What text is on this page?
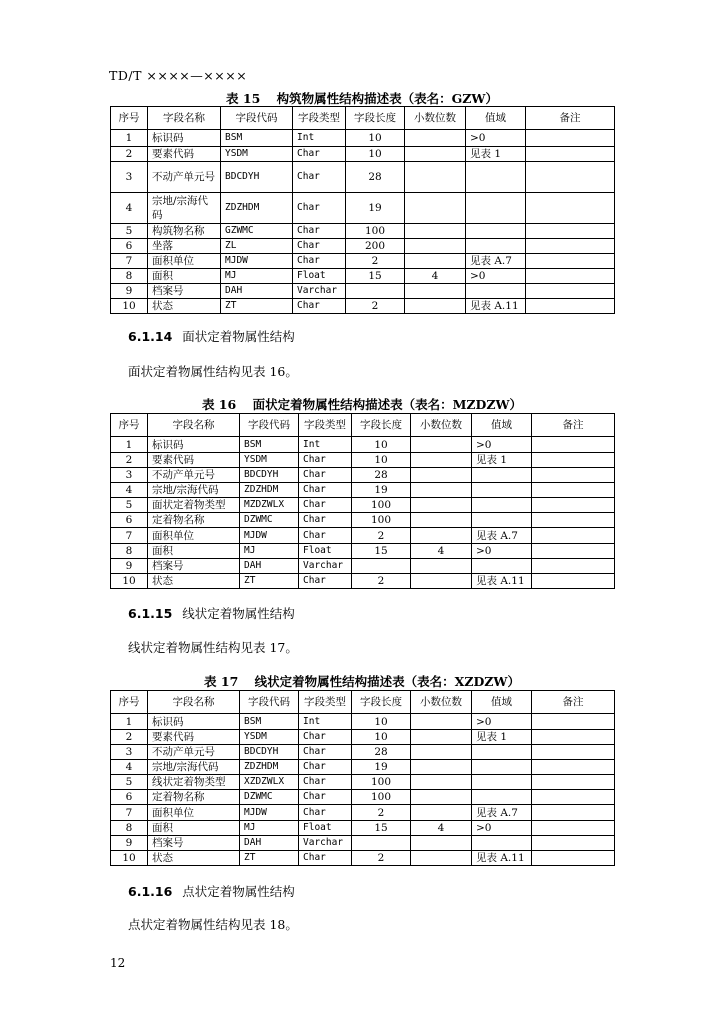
TD/T ××××—××××
表 15 构筑物属性结构描述表（表名：GZW）
序号	字段名称	字段代码	字段类型	字段长度	小数位数	值域	备注
1	标识码	BSM	Int	10		>0	
2	要素代码	YSDM	Char	10		见表 1	
3	不动产单元号	BDCDYH	Char	28			
4	宗地/宗海代码	ZDZHDM	Char	19			
5	构筑物名称	GZWMC	Char	100			
6	坐落	ZL	Char	200			
7	面积单位	MJDW	Char	2		见表 A.7	
8	面积	MJ	Float	15	4	>0	
9	档案号	DAH	Varchar				
10	状态	ZT	Char	2		见表 A.11	
6.1.14 面状定着物属性结构
面状定着物属性结构见表 16。
表 16 面状定着物属性结构描述表（表名：MZDZW）
序号	字段名称	字段代码	字段类型	字段长度	小数位数	值域	备注
1	标识码	BSM	Int	10		>0	
2	要素代码	YSDM	Char	10		见表 1	
3	不动产单元号	BDCDYH	Char	28			
4	宗地/宗海代码	ZDZHDM	Char	19			
5	面状定着物类型	MZDZWLX	Char	100			
6	定着物名称	DZWMC	Char	100			
7	面积单位	MJDW	Char	2		见表 A.7	
8	面积	MJ	Float	15	4	>0	
9	档案号	DAH	Varchar				
10	状态	ZT	Char	2		见表 A.11	
6.1.15 线状定着物属性结构
线状定着物属性结构见表 17。
表 17 线状定着物属性结构描述表（表名：XZDZW）
序号	字段名称	字段代码	字段类型	字段长度	小数位数	值域	备注
1	标识码	BSM	Int	10		>0	
2	要素代码	YSDM	Char	10		见表 1	
3	不动产单元号	BDCDYH	Char	28			
4	宗地/宗海代码	ZDZHDM	Char	19			
5	线状定着物类型	XZDZWLX	Char	100			
6	定着物名称	DZWMC	Char	100			
7	面积单位	MJDW	Char	2		见表 A.7	
8	面积	MJ	Float	15	4	>0	
9	档案号	DAH	Varchar				
10	状态	ZT	Char	2		见表 A.11	
6.1.16 点状定着物属性结构
点状定着物属性结构见表 18。
12
